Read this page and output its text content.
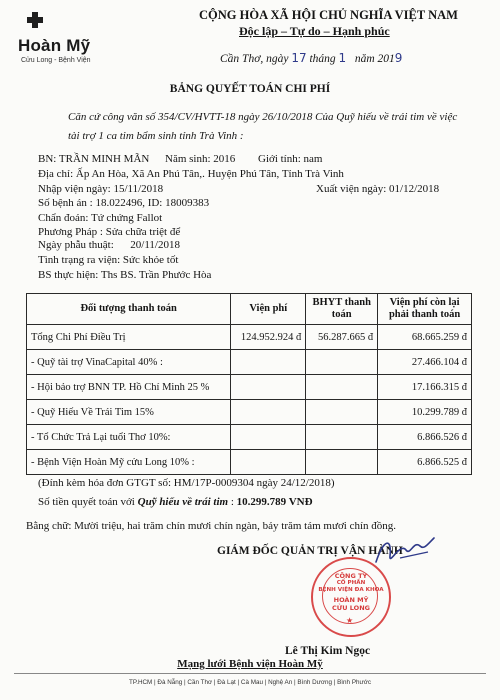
Hoàn Mỹ
Cửu Long - Bệnh Viện
CỘNG HÒA XÃ HỘI CHỦ NGHĨA VIỆT NAM
Độc lập – Tự do – Hạnh phúc
Cần Thơ, ngày 17 tháng 1 năm 2019
BẢNG QUYẾT TOÁN CHI PHÍ
Căn cứ công văn số 354/CV/HVTT-18 ngày 26/10/2018 Của Quỹ hiếu về trái tim về việc tài trợ 1 ca tim bẩm sinh tỉnh Trà Vinh :
BN: TRẦN MINH MÃN Năm sinh: 2016 Giới tính: nam
Địa chỉ: Ấp An Hòa, Xã An Phú Tân,. Huyện Phú Tân, Tỉnh Trà Vinh
Nhập viện ngày: 15/11/2018	Xuất viện ngày: 01/12/2018
Số bệnh án : 18.022496, ID: 18009383
Chẩn đoán: Tứ chứng Fallot
Phương Pháp : Sửa chữa triệt để
Ngày phẫu thuật: 20/11/2018
Tình trạng ra viện: Sức khỏe tốt
BS thực hiện: Ths BS. Trần Phước Hòa
Đối tượng thanh toán	Viện phí	BHYT thanh toán	Viện phí còn lại phải thanh toán
Tổng Chi Phí Điều Trị	124.952.924 đ	56.287.665 đ	68.665.259 đ
- Quỹ tài trợ VinaCapital 40% :			27.466.104 đ
- Hội bảo trợ BNN TP. Hồ Chí Minh 25 %			17.166.315 đ
- Quỹ Hiếu Về Trái Tim 15%			10.299.789 đ
- Tổ Chức Trả Lại tuổi Thơ 10%:			6.866.526 đ
- Bệnh Viện Hoàn Mỹ cửu Long 10% :			6.866.525 đ
(Đính kèm hóa đơn GTGT số: HM/17P-0009304 ngày 24/12/2018)
Số tiền quyết toán với Quỹ hiếu về trái tim : 10.299.789 VNĐ
Bằng chữ: Mười triệu, hai trăm chín mươi chín ngàn, bảy trăm tám mươi chín đồng.
GIÁM ĐỐC QUẢN TRỊ VẬN HÀNH
CÔNG TY
CỔ PHẦN
BỆNH VIỆN ĐA KHOA
HOÀN MỸ
CỬU LONG
★
Lê Thị Kim Ngọc
Mạng lưới Bệnh viện Hoàn Mỹ
TP.HCM | Đà Nẵng | Cần Thơ | Đà Lạt | Cà Mau | Nghệ An | Bình Dương | Bình Phước
